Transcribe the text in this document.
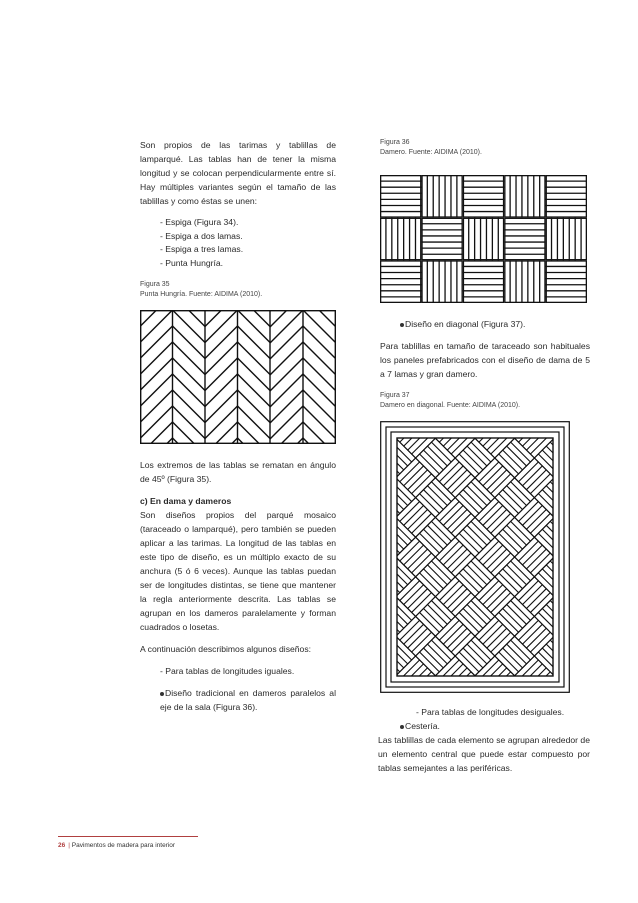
Son propios de las tarimas y tablillas de lamparqué. Las tablas han de tener la misma longitud y se colocan perpendicularmente entre sí. Hay múltiples variantes según el tamaño de las tablillas y como éstas se unen:

- Espiga (Figura 34).
- Espiga a dos lamas.
- Espiga a tres lamas.
- Punta Hungría.

Figura 35

Punta Hungría. Fuente: AIDIMA (2010).

Los extremos de las tablas se rematan en ángulo de 45º (Figura 35).

c) En dama y dameros

Son diseños propios del parqué mosaico (taraceado o lamparqué), pero también se pueden aplicar a las tarimas. La longitud de las tablas en este tipo de diseño, es un múltiplo exacto de su anchura (5 ó 6 veces). Aunque las tablas puedan ser de longitudes distintas, se tiene que mantener la regla anteriormente descrita. Las tablas se agrupan en los dameros paralelamente y forman cuadrados o losetas.

A continuación describimos algunos diseños:

- Para tablas de longitudes iguales.

Diseño tradicional en dameros paralelos al eje de la sala (Figura 36).

Figura 36

Damero. Fuente: AIDIMA (2010).

Diseño en diagonal (Figura 37).

Para tablillas en tamaño de taraceado son habituales los paneles prefabricados con el diseño de dama de 5 a 7 lamas y gran damero.

Figura 37

Damero en diagonal. Fuente: AIDIMA (2010).

- Para tablas de longitudes desiguales.

Cestería.

Las tablillas de cada elemento se agrupan alrededor de un elemento central que puede estar compuesto por tablas semejantes a las periféricas.

26 | Pavimentos de madera para interior
